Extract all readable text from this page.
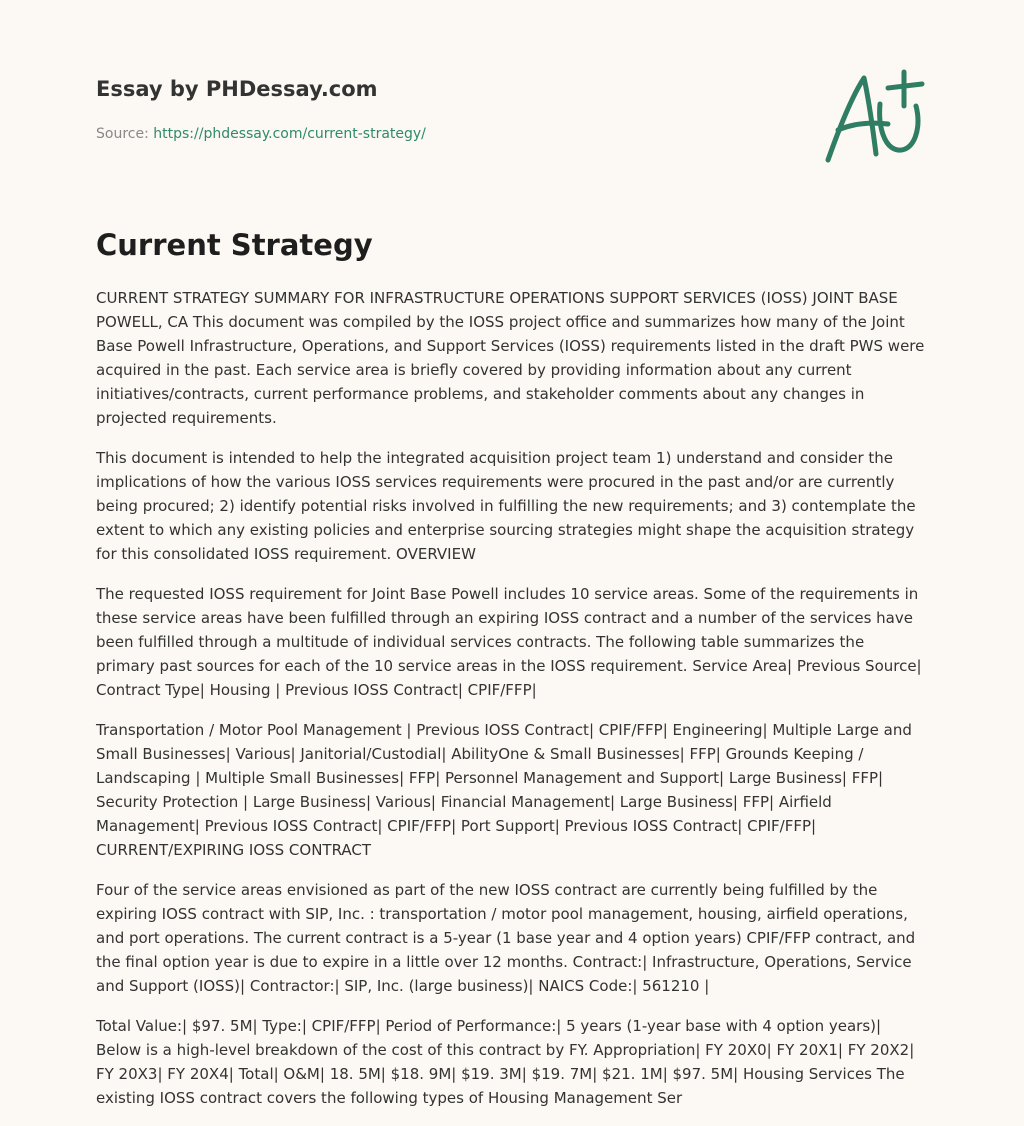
Essay by PHDessay.com
Source: https://phdessay.com/current-strategy/
Current Strategy

CURRENT STRATEGY SUMMARY FOR INFRASTRUCTURE OPERATIONS SUPPORT SERVICES (IOSS) JOINT BASE POWELL, CA This document was compiled by the IOSS project office and summarizes how many of the Joint Base Powell Infrastructure, Operations, and Support Services (IOSS) requirements listed in the draft PWS were acquired in the past. Each service area is briefly covered by providing information about any current initiatives/contracts, current performance problems, and stakeholder comments about any changes in projected requirements.

This document is intended to help the integrated acquisition project team 1) understand and consider the implications of how the various IOSS services requirements were procured in the past and/or are currently being procured; 2) identify potential risks involved in fulfilling the new requirements; and 3) contemplate the extent to which any existing policies and enterprise sourcing strategies might shape the acquisition strategy for this consolidated IOSS requirement. OVERVIEW

The requested IOSS requirement for Joint Base Powell includes 10 service areas. Some of the requirements in these service areas have been fulfilled through an expiring IOSS contract and a number of the services have been fulfilled through a multitude of individual services contracts. The following table summarizes the primary past sources for each of the 10 service areas in the IOSS requirement. Service Area| Previous Source| Contract Type| Housing | Previous IOSS Contract| CPIF/FFP|

Transportation / Motor Pool Management | Previous IOSS Contract| CPIF/FFP| Engineering| Multiple Large and Small Businesses| Various| Janitorial/Custodial| AbilityOne & Small Businesses| FFP| Grounds Keeping / Landscaping | Multiple Small Businesses| FFP| Personnel Management and Support| Large Business| FFP| Security Protection | Large Business| Various| Financial Management| Large Business| FFP| Airfield Management| Previous IOSS Contract| CPIF/FFP| Port Support| Previous IOSS Contract| CPIF/FFP| CURRENT/EXPIRING IOSS CONTRACT

Four of the service areas envisioned as part of the new IOSS contract are currently being fulfilled by the expiring IOSS contract with SIP, Inc. : transportation / motor pool management, housing, airfield operations, and port operations. The current contract is a 5-year (1 base year and 4 option years) CPIF/FFP contract, and the final option year is due to expire in a little over 12 months. Contract:| Infrastructure, Operations, Service and Support (IOSS)| Contractor:| SIP, Inc. (large business)| NAICS Code:| 561210 |

Total Value:| $97. 5M| Type:| CPIF/FFP| Period of Performance:| 5 years (1-year base with 4 option years)| Below is a high-level breakdown of the cost of this contract by FY. Appropriation| FY 20X0| FY 20X1| FY 20X2| FY 20X3| FY 20X4| Total| O&M| 18. 5M| $18. 9M| $19. 3M| $19. 7M| $21. 1M| $97. 5M| Housing Services The existing IOSS contract covers the following types of Housing Management Ser
